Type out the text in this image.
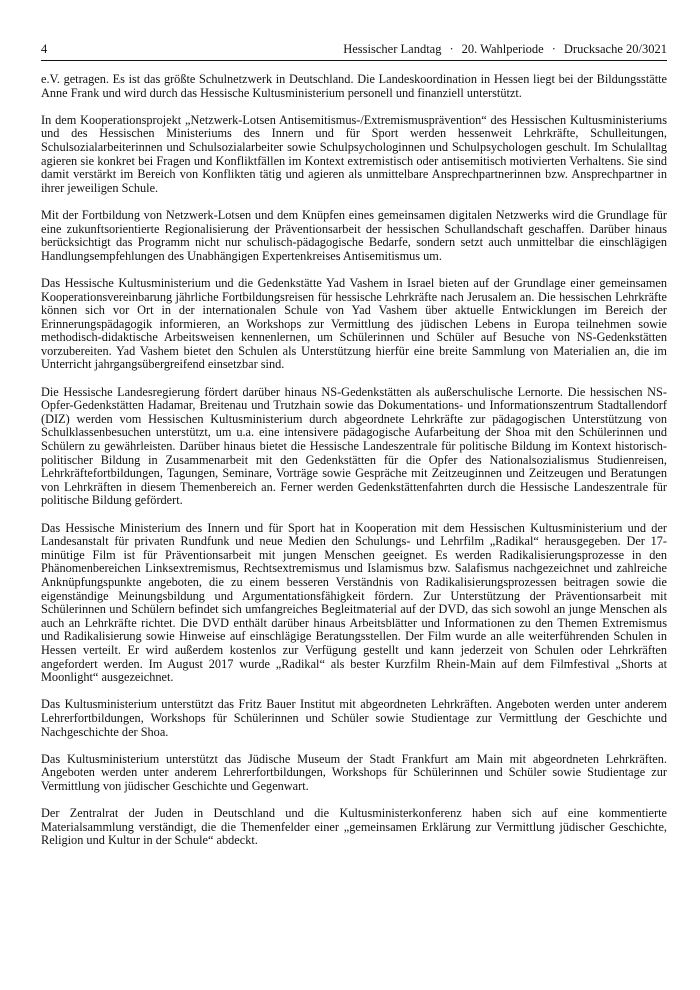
4	Hessischer Landtag · 20. Wahlperiode · Drucksache 20/3021

e.V. getragen. Es ist das größte Schulnetzwerk in Deutschland. Die Landeskoordination in Hessen liegt bei der Bildungsstätte Anne Frank und wird durch das Hessische Kultusministerium personell und finanziell unterstützt.

In dem Kooperationsprojekt „Netzwerk-Lotsen Antisemitismus-/Extremismusprävention“ des Hessischen Kultusministeriums und des Hessischen Ministeriums des Innern und für Sport werden hessenweit Lehrkräfte, Schulleitungen, Schulsozialarbeiterinnen und Schulsozialarbeiter sowie Schulpsychologinnen und Schulpsychologen geschult. Im Schulalltag agieren sie konkret bei Fragen und Konfliktfällen im Kontext extremistisch oder antisemitisch motivierten Verhaltens. Sie sind damit verstärkt im Bereich von Konflikten tätig und agieren als unmittelbare Ansprechpartnerinnen bzw. Ansprechpartner in ihrer jeweiligen Schule.

Mit der Fortbildung von Netzwerk-Lotsen und dem Knüpfen eines gemeinsamen digitalen Netzwerks wird die Grundlage für eine zukunftsorientierte Regionalisierung der Präventionsarbeit der hessischen Schullandschaft geschaffen. Darüber hinaus berücksichtigt das Programm nicht nur schulisch-pädagogische Bedarfe, sondern setzt auch unmittelbar die einschlägigen Handlungsempfehlungen des Unabhängigen Expertenkreises Antisemitismus um.

Das Hessische Kultusministerium und die Gedenkstätte Yad Vashem in Israel bieten auf der Grundlage einer gemeinsamen Kooperationsvereinbarung jährliche Fortbildungsreisen für hessische Lehrkräfte nach Jerusalem an. Die hessischen Lehrkräfte können sich vor Ort in der internationalen Schule von Yad Vashem über aktuelle Entwicklungen im Bereich der Erinnerungspädagogik informieren, an Workshops zur Vermittlung des jüdischen Lebens in Europa teilnehmen sowie methodisch-didaktische Arbeitsweisen kennenlernen, um Schülerinnen und Schüler auf Besuche von NS-Gedenkstätten vorzubereiten. Yad Vashem bietet den Schulen als Unterstützung hierfür eine breite Sammlung von Materialien an, die im Unterricht jahrgangsübergreifend einsetzbar sind.

Die Hessische Landesregierung fördert darüber hinaus NS-Gedenkstätten als außerschulische Lernorte. Die hessischen NS-Opfer-Gedenkstätten Hadamar, Breitenau und Trutzhain sowie das Dokumentations- und Informationszentrum Stadtallendorf (DIZ) werden vom Hessischen Kultusministerium durch abgeordnete Lehrkräfte zur pädagogischen Unterstützung von Schulklassenbesuchen unterstützt, um u.a. eine intensivere pädagogische Aufarbeitung der Shoa mit den Schülerinnen und Schülern zu gewährleisten. Darüber hinaus bietet die Hessische Landeszentrale für politische Bildung im Kontext historisch-politischer Bildung in Zusammenarbeit mit den Gedenkstätten für die Opfer des Nationalsozialismus Studienreisen, Lehrkräftefortbildungen, Tagungen, Seminare, Vorträge sowie Gespräche mit Zeitzeuginnen und Zeitzeugen und Beratungen von Lehrkräften in diesem Themenbereich an. Ferner werden Gedenkstättenfahrten durch die Hessische Landeszentrale für politische Bildung gefördert.

Das Hessische Ministerium des Innern und für Sport hat in Kooperation mit dem Hessischen Kultusministerium und der Landesanstalt für privaten Rundfunk und neue Medien den Schulungs- und Lehrfilm „Radikal“ herausgegeben. Der 17-minütige Film ist für Präventionsarbeit mit jungen Menschen geeignet. Es werden Radikalisierungsprozesse in den Phänomenbereichen Linksextremismus, Rechtsextremismus und Islamismus bzw. Salafismus nachgezeichnet und zahlreiche Anknüpfungspunkte angeboten, die zu einem besseren Verständnis von Radikalisierungsprozessen beitragen sowie die eigenständige Meinungsbildung und Argumentationsfähigkeit fördern. Zur Unterstützung der Präventionsarbeit mit Schülerinnen und Schülern befindet sich umfangreiches Begleitmaterial auf der DVD, das sich sowohl an junge Menschen als auch an Lehrkräfte richtet. Die DVD enthält darüber hinaus Arbeitsblätter und Informationen zu den Themen Extremismus und Radikalisierung sowie Hinweise auf einschlägige Beratungsstellen. Der Film wurde an alle weiterführenden Schulen in Hessen verteilt. Er wird außerdem kostenlos zur Verfügung gestellt und kann jederzeit von Schulen oder Lehrkräften angefordert werden. Im August 2017 wurde „Radikal“ als bester Kurzfilm Rhein-Main auf dem Filmfestival „Shorts at Moonlight“ ausgezeichnet.

Das Kultusministerium unterstützt das Fritz Bauer Institut mit abgeordneten Lehrkräften. Angeboten werden unter anderem Lehrerfortbildungen, Workshops für Schülerinnen und Schüler sowie Studientage zur Vermittlung der Geschichte und Nachgeschichte der Shoa.

Das Kultusministerium unterstützt das Jüdische Museum der Stadt Frankfurt am Main mit abgeordneten Lehrkräften. Angeboten werden unter anderem Lehrerfortbildungen, Workshops für Schülerinnen und Schüler sowie Studientage zur Vermittlung von jüdischer Geschichte und Gegenwart.

Der Zentralrat der Juden in Deutschland und die Kultusministerkonferenz haben sich auf eine kommentierte Materialsammlung verständigt, die die Themenfelder einer „gemeinsamen Erklärung zur Vermittlung jüdischer Geschichte, Religion und Kultur in der Schule“ abdeckt.
